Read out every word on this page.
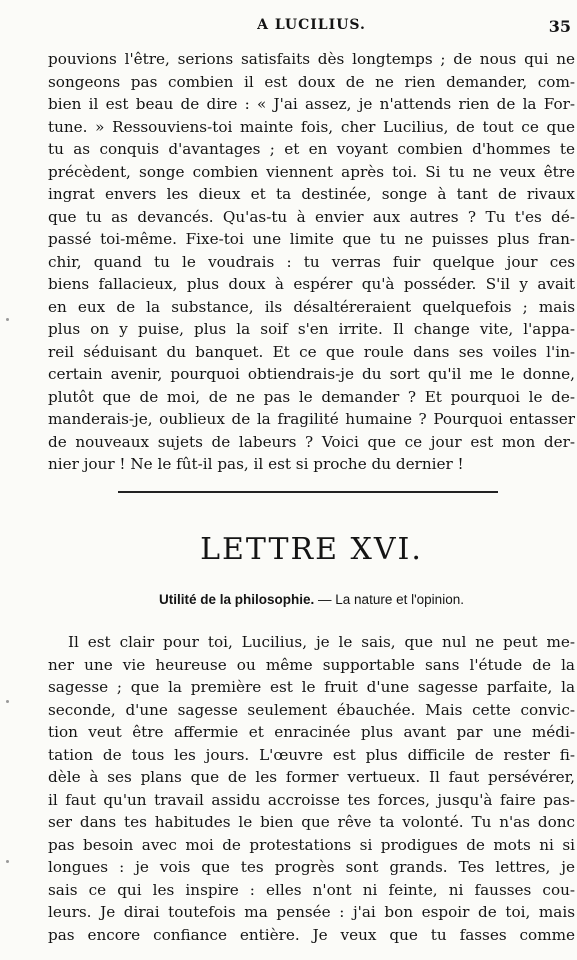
A LUCILIUS.	35
pouvions l'être, serions satisfaits dès longtemps ; de nous qui ne
songeons pas combien il est doux de ne rien demander, com-
bien il est beau de dire : « J'ai assez, je n'attends rien de la For-
tune. » Ressouviens-toi mainte fois, cher Lucilius, de tout ce que
tu as conquis d'avantages ; et en voyant combien d'hommes te
précèdent, songe combien viennent après toi. Si tu ne veux être
ingrat envers les dieux et ta destinée, songe à tant de rivaux
que tu as devancés. Qu'as-tu à envier aux autres ? Tu t'es dé-
passé toi-même. Fixe-toi une limite que tu ne puisses plus fran-
chir, quand tu le voudrais : tu verras fuir quelque jour ces
biens fallacieux, plus doux à espérer qu'à posséder. S'il y avait
en eux de la substance, ils désaltéreraient quelquefois ; mais
plus on y puise, plus la soif s'en irrite. Il change vite, l'appa-
reil séduisant du banquet. Et ce que roule dans ses voiles l'in-
certain avenir, pourquoi obtiendrais-je du sort qu'il me le donne,
plutôt que de moi, de ne pas le demander ? Et pourquoi le de-
manderais-je, oublieux de la fragilité humaine ? Pourquoi entasser
de nouveaux sujets de labeurs ? Voici que ce jour est mon der-
nier jour ! Ne le fût-il pas, il est si proche du dernier !
LETTRE XVI.
Utilité de la philosophie. — La nature et l'opinion.
Il est clair pour toi, Lucilius, je le sais, que nul ne peut me-
ner une vie heureuse ou même supportable sans l'étude de la
sagesse ; que la première est le fruit d'une sagesse parfaite, la
seconde, d'une sagesse seulement ébauchée. Mais cette convic-
tion veut être affermie et enracinée plus avant par une médi-
tation de tous les jours. L'œuvre est plus difficile de rester fi-
dèle à ses plans que de les former vertueux. Il faut persévérer,
il faut qu'un travail assidu accroisse tes forces, jusqu'à faire pas-
ser dans tes habitudes le bien que rêve ta volonté. Tu n'as donc
pas besoin avec moi de protestations si prodigues de mots ni si
longues : je vois que tes progrès sont grands. Tes lettres, je
sais ce qui les inspire : elles n'ont ni feinte, ni fausses cou-
leurs. Je dirai toutefois ma pensée : j'ai bon espoir de toi, mais
pas encore confiance entière. Je veux que tu fasses comme
